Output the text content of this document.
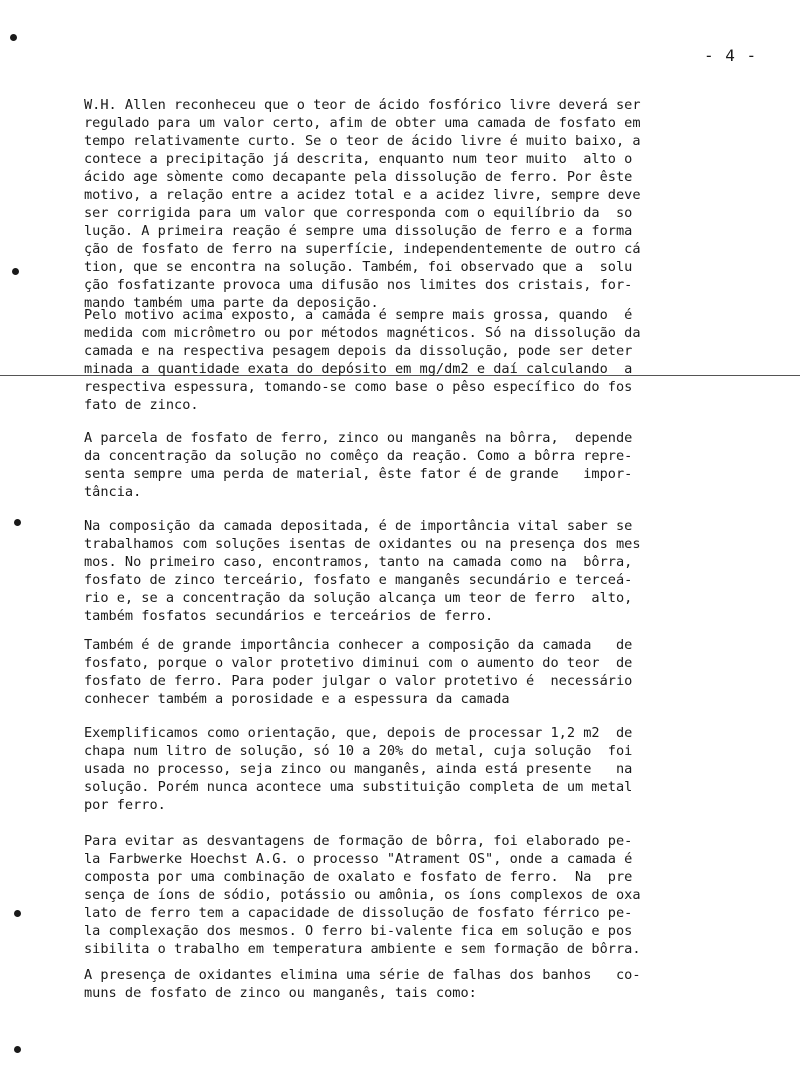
- 4 -

W.H. Allen reconheceu que o teor de ácido fosfórico livre deverá ser
regulado para um valor certo, afim de obter uma camada de fosfato em
tempo relativamente curto. Se o teor de ácido livre é muito baixo, a
contece a precipitação já descrita, enquanto num teor muito  alto o
ácido age sòmente como decapante pela dissolução de ferro. Por êste
motivo, a relação entre a acidez total e a acidez livre, sempre deve
ser corrigida para um valor que corresponda com o equilíbrio da  so
lução. A primeira reação é sempre uma dissolução de ferro e a forma
ção de fosfato de ferro na superfície, independentemente de outro cá
tion, que se encontra na solução. Também, foi observado que a  solu
ção fosfatizante provoca uma difusão nos limites dos cristais, for-
mando também uma parte da deposição.

Pelo motivo acima exposto, a camada é sempre mais grossa, quando  é
medida com micrômetro ou por métodos magnéticos. Só na dissolução da
camada e na respectiva pesagem depois da dissolução, pode ser deter
minada a quantidade exata do depósito em mg/dm2 e daí calculando  a
respectiva espessura, tomando-se como base o pêso específico do fos
fato de zinco.

A parcela de fosfato de ferro, zinco ou manganês na bôrra,  depende
da concentração da solução no comêço da reação. Como a bôrra repre-
senta sempre uma perda de material, êste fator é de grande   impor-
tância.

Na composição da camada depositada, é de importância vital saber se
trabalhamos com soluções isentas de oxidantes ou na presença dos mes
mos. No primeiro caso, encontramos, tanto na camada como na  bôrra,
fosfato de zinco terceário, fosfato e manganês secundário e terceá-
rio e, se a concentração da solução alcança um teor de ferro  alto,
também fosfatos secundários e terceários de ferro.

Também é de grande importância conhecer a composição da camada   de
fosfato, porque o valor protetivo diminui com o aumento do teor  de
fosfato de ferro. Para poder julgar o valor protetivo é  necessário
conhecer também a porosidade e a espessura da camada

Exemplificamos como orientação, que, depois de processar 1,2 m2  de
chapa num litro de solução, só 10 a 20% do metal, cuja solução  foi
usada no processo, seja zinco ou manganês, ainda está presente   na
solução. Porém nunca acontece uma substituição completa de um metal
por ferro.

Para evitar as desvantagens de formação de bôrra, foi elaborado pe-
la Farbwerke Hoechst A.G. o processo "Atrament OS", onde a camada é
composta por uma combinação de oxalato e fosfato de ferro.  Na  pre
sença de íons de sódio, potássio ou amônia, os íons complexos de oxa
lato de ferro tem a capacidade de dissolução de fosfato férrico pe-
la complexação dos mesmos. O ferro bi-valente fica em solução e pos
sibilita o trabalho em temperatura ambiente e sem formação de bôrra.

A presença de oxidantes elimina uma série de falhas dos banhos   co-
muns de fosfato de zinco ou manganês, tais como:
